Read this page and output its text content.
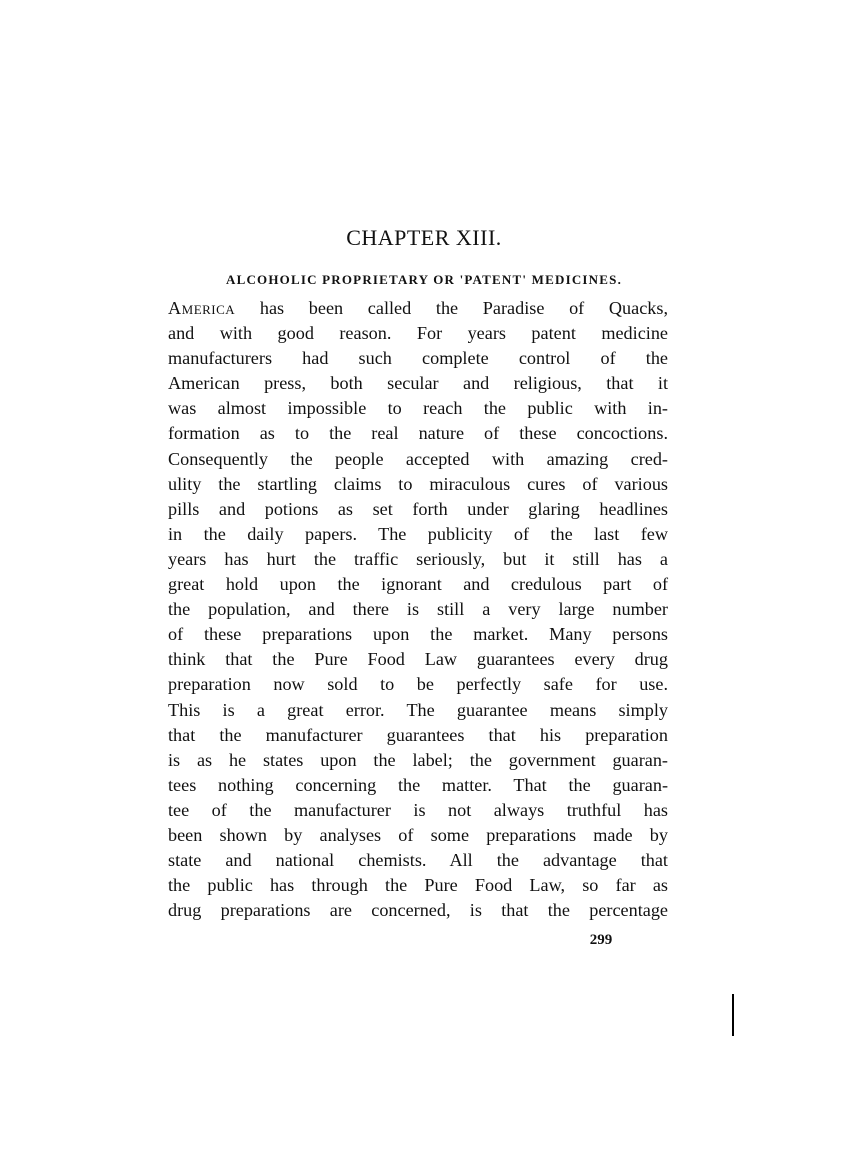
CHAPTER XIII.
ALCOHOLIC PROPRIETARY OR 'PATENT' MEDICINES.
America has been called the Paradise of Quacks,
and with good reason. For years patent medicine
manufacturers had such complete control of the
American press, both secular and religious, that it
was almost impossible to reach the public with in-
formation as to the real nature of these concoctions.
Consequently the people accepted with amazing cred-
ulity the startling claims to miraculous cures of various
pills and potions as set forth under glaring headlines
in the daily papers. The publicity of the last few
years has hurt the traffic seriously, but it still has a
great hold upon the ignorant and credulous part of
the population, and there is still a very large number
of these preparations upon the market. Many persons
think that the Pure Food Law guarantees every drug
preparation now sold to be perfectly safe for use.
This is a great error. The guarantee means simply
that the manufacturer guarantees that his preparation
is as he states upon the label; the government guaran-
tees nothing concerning the matter. That the guaran-
tee of the manufacturer is not always truthful has
been shown by analyses of some preparations made by
state and national chemists. All the advantage that
the public has through the Pure Food Law, so far as
drug preparations are concerned, is that the percentage
299
